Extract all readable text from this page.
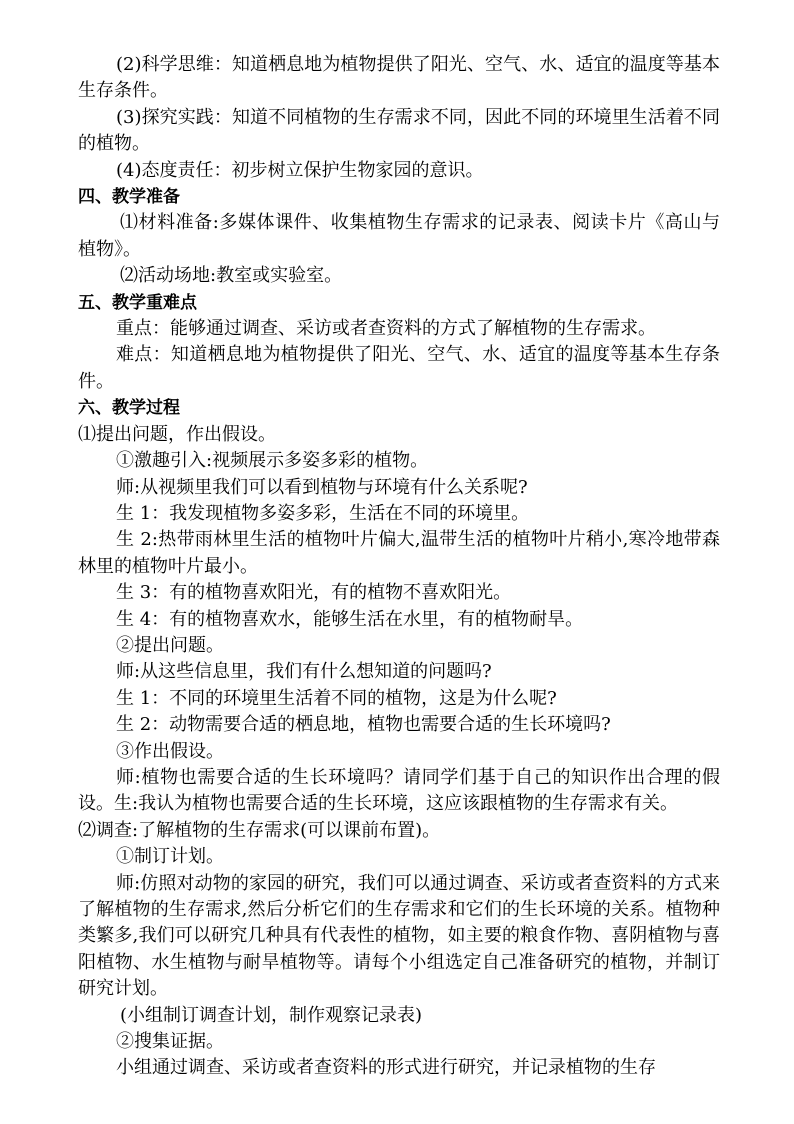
(2)科学思维：知道栖息地为植物提供了阳光、空气、水、适宜的温度等基本生存条件。

(3)探究实践：知道不同植物的生存需求不同，因此不同的环境里生活着不同的植物。

(4)态度责任：初步树立保护生物家园的意识。

四、教学准备

⑴材料准备:多媒体课件、收集植物生存需求的记录表、阅读卡片《高山与植物》。

⑵活动场地:教室或实验室。

五、教学重难点

重点：能够通过调查、采访或者查资料的方式了解植物的生存需求。

难点：知道栖息地为植物提供了阳光、空气、水、适宜的温度等基本生存条件。

六、教学过程

⑴提出问题，作出假设。

①激趣引入:视频展示多姿多彩的植物。

师:从视频里我们可以看到植物与环境有什么关系呢?

生 1：我发现植物多姿多彩，生活在不同的环境里。

生 2:热带雨林里生活的植物叶片偏大,温带生活的植物叶片稍小,寒冷地带森林里的植物叶片最小。

生 3：有的植物喜欢阳光，有的植物不喜欢阳光。

生 4：有的植物喜欢水，能够生活在水里，有的植物耐旱。

②提出问题。

师:从这些信息里，我们有什么想知道的问题吗?

生 1：不同的环境里生活着不同的植物，这是为什么呢?

生 2：动物需要合适的栖息地，植物也需要合适的生长环境吗?

③作出假设。

师:植物也需要合适的生长环境吗？请同学们基于自己的知识作出合理的假设。生:我认为植物也需要合适的生长环境，这应该跟植物的生存需求有关。

⑵调查:了解植物的生存需求(可以课前布置)。

①制订计划。

师:仿照对动物的家园的研究，我们可以通过调查、采访或者查资料的方式来了解植物的生存需求,然后分析它们的生存需求和它们的生长环境的关系。植物种类繁多,我们可以研究几种具有代表性的植物，如主要的粮食作物、喜阴植物与喜阳植物、水生植物与耐旱植物等。请每个小组选定自己准备研究的植物，并制订研究计划。

(小组制订调查计划，制作观察记录表)

②搜集证据。

小组通过调查、采访或者查资料的形式进行研究，并记录植物的生存
